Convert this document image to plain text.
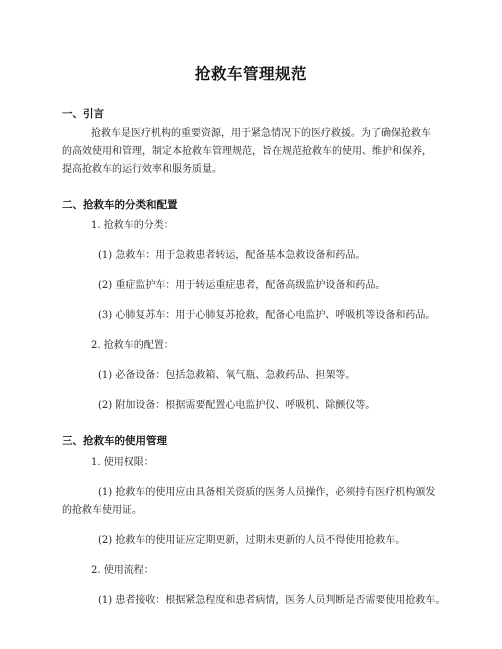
抢救车管理规范
一、引言
抢救车是医疗机构的重要资源，用于紧急情况下的医疗救援。为了确保抢救车
的高效使用和管理，制定本抢救车管理规范，旨在规范抢救车的使用、维护和保养，
提高抢救车的运行效率和服务质量。
二、抢救车的分类和配置
1. 抢救车的分类：
(1) 急救车：用于急救患者转运，配备基本急救设备和药品。
(2) 重症监护车：用于转运重症患者，配备高级监护设备和药品。
(3) 心肺复苏车：用于心肺复苏抢救，配备心电监护、呼吸机等设备和药品。
2. 抢救车的配置：
(1) 必备设备：包括急救箱、氧气瓶、急救药品、担架等。
(2) 附加设备：根据需要配置心电监护仪、呼吸机、除颤仪等。
三、抢救车的使用管理
1. 使用权限：
(1) 抢救车的使用应由具备相关资质的医务人员操作，必须持有医疗机构颁发
的抢救车使用证。
(2) 抢救车的使用证应定期更新，过期未更新的人员不得使用抢救车。
2. 使用流程：
(1) 患者接收：根据紧急程度和患者病情，医务人员判断是否需要使用抢救车。
